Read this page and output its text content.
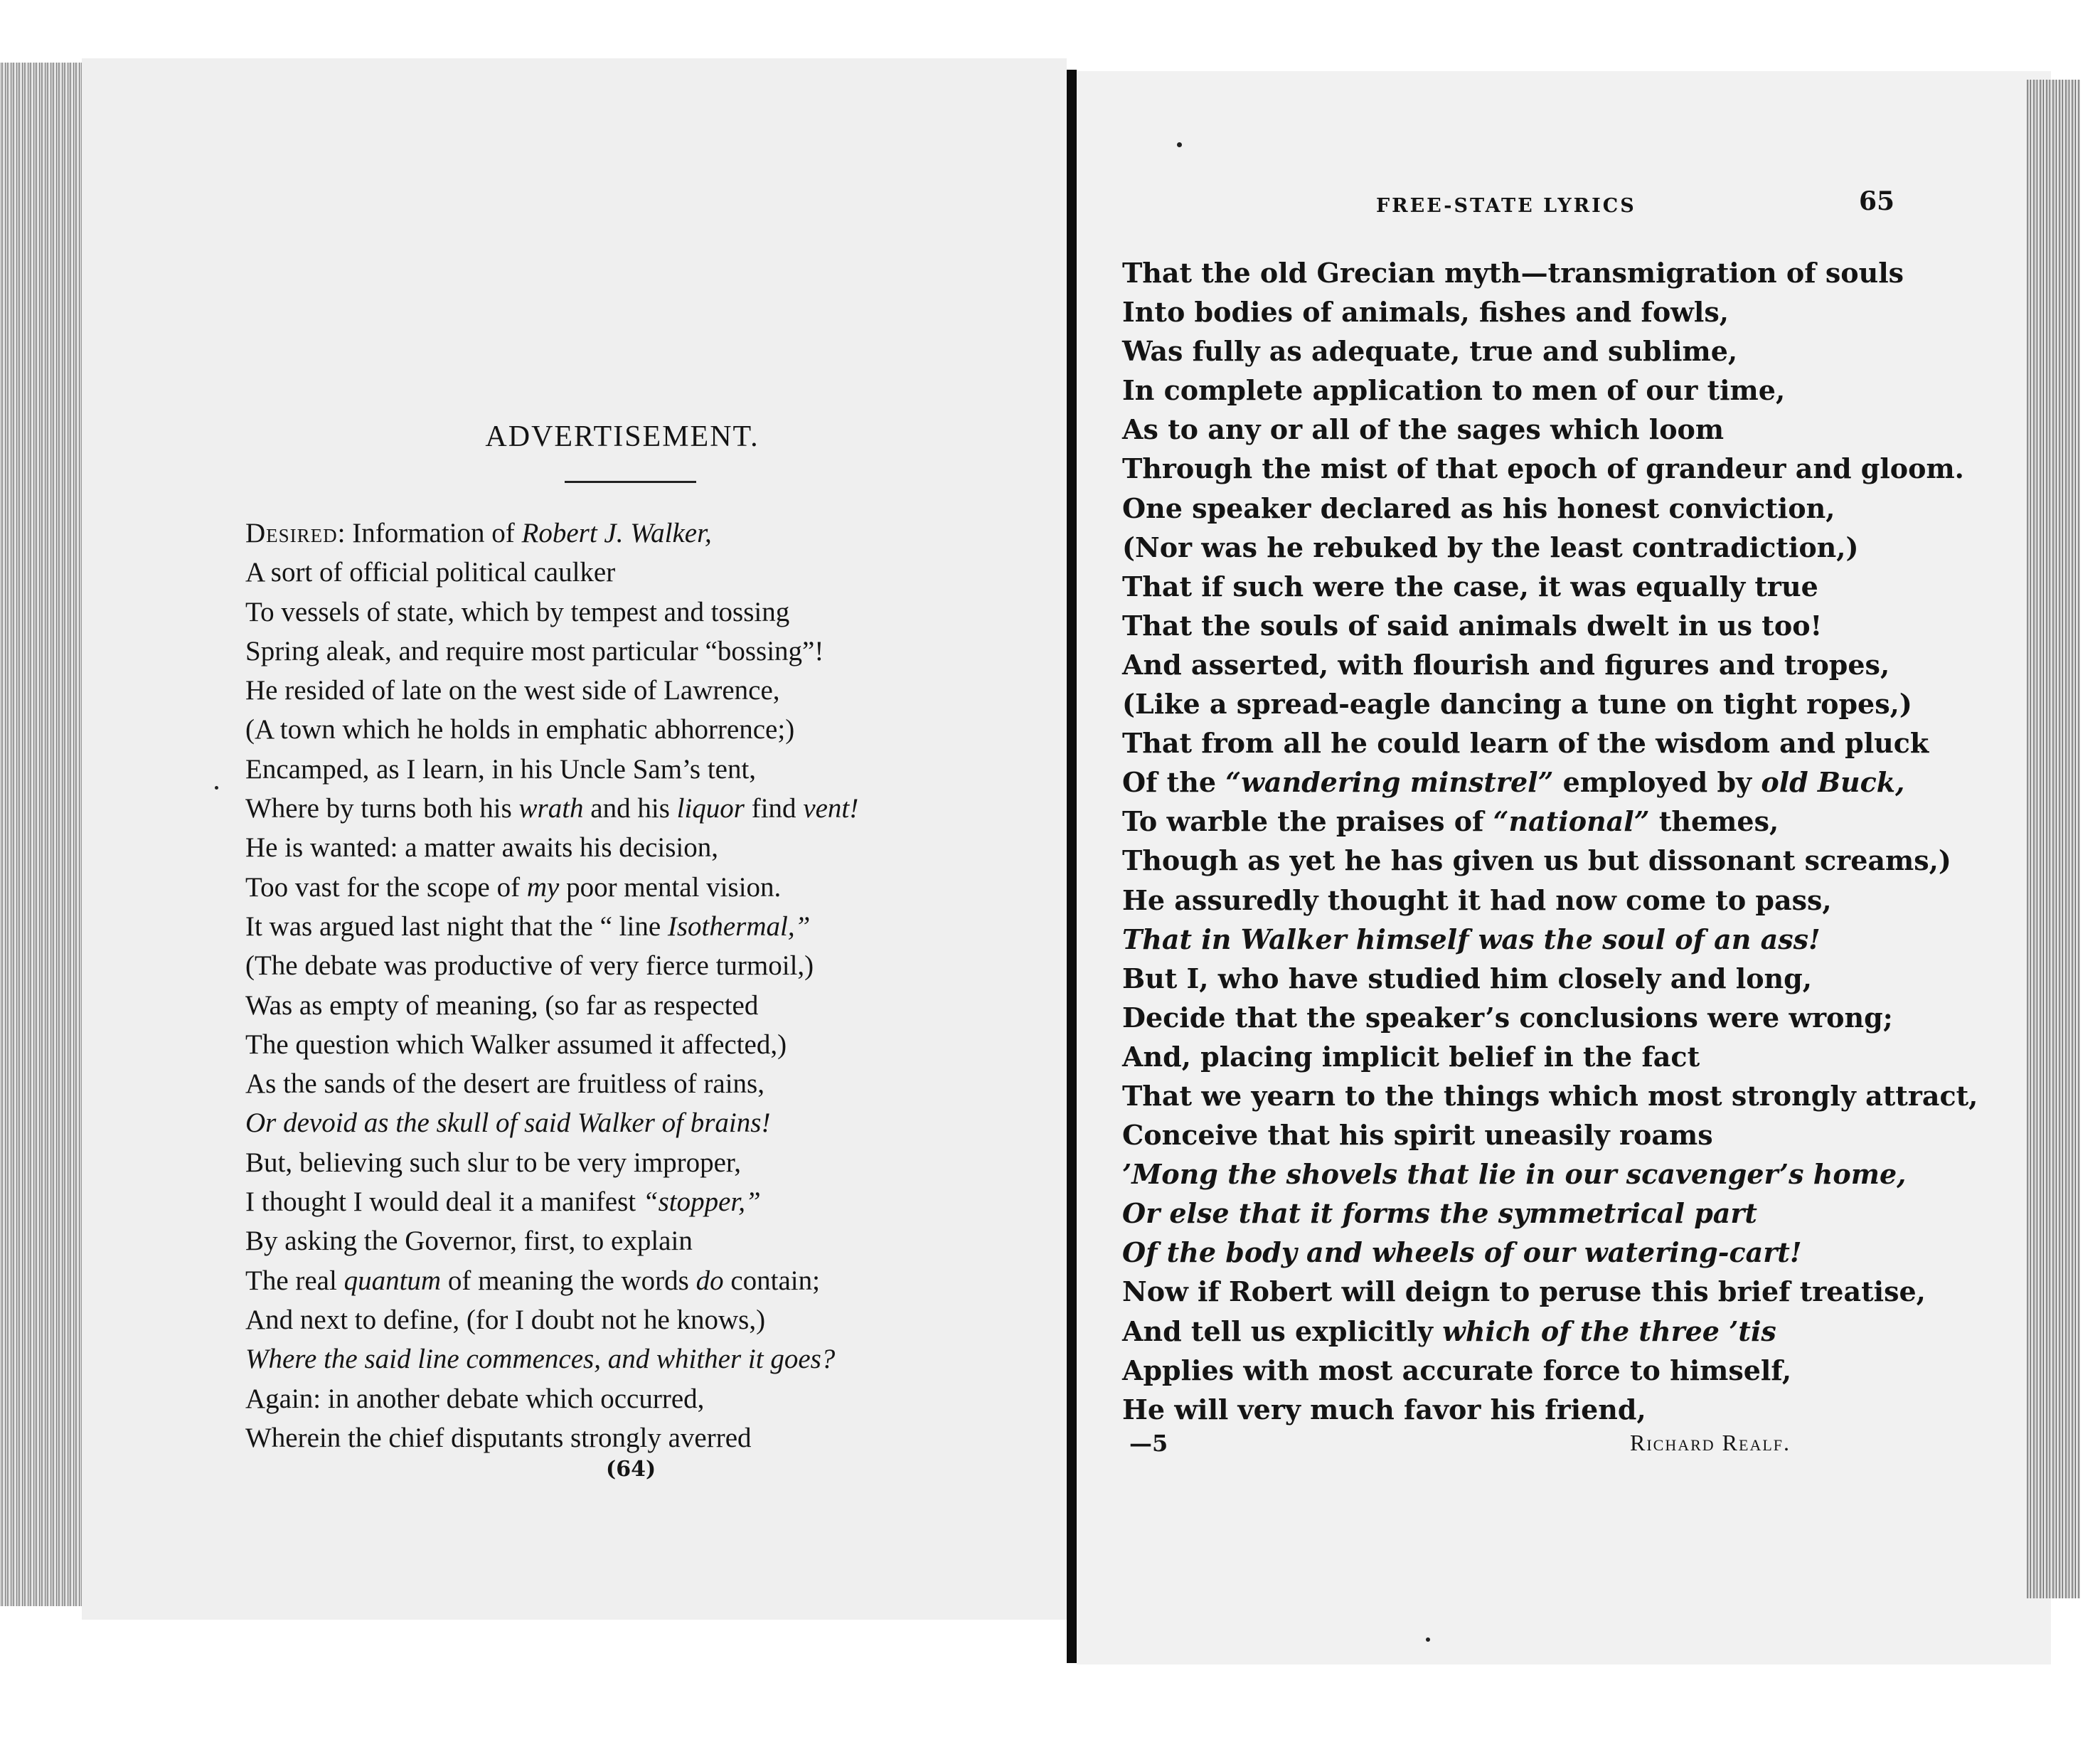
ADVERTISEMENT.
Desired: Information of Robert J. Walker,
A sort of official political caulker
To vessels of state, which by tempest and tossing
Spring aleak, and require most particular “bossing”!
He resided of late on the west side of Lawrence,
(A town which he holds in emphatic abhorrence;)
Encamped, as I learn, in his Uncle Sam’s tent,
Where by turns both his wrath and his liquor find vent!
He is wanted: a matter awaits his decision,
Too vast for the scope of my poor mental vision.
It was argued last night that the “ line Isothermal,”
(The debate was productive of very fierce turmoil,)
Was as empty of meaning, (so far as respected
The question which Walker assumed it affected,)
As the sands of the desert are fruitless of rains,
Or devoid as the skull of said Walker of brains!
But, believing such slur to be very improper,
I thought I would deal it a manifest “stopper,”
By asking the Governor, first, to explain
The real quantum of meaning the words do contain;
And next to define, (for I doubt not he knows,)
Where the said line commences, and whither it goes?
Again: in another debate which occurred,
Wherein the chief disputants strongly averred
(64)
FREE-STATE LYRICS	65
That the old Grecian myth—transmigration of souls
Into bodies of animals, fishes and fowls,
Was fully as adequate, true and sublime,
In complete application to men of our time,
As to any or all of the sages which loom
Through the mist of that epoch of grandeur and gloom.
One speaker declared as his honest conviction,
(Nor was he rebuked by the least contradiction,)
That if such were the case, it was equally true
That the souls of said animals dwelt in us too!
And asserted, with flourish and figures and tropes,
(Like a spread-eagle dancing a tune on tight ropes,)
That from all he could learn of the wisdom and pluck
Of the “wandering minstrel” employed by old Buck,
To warble the praises of “national” themes,
Though as yet he has given us but dissonant screams,)
He assuredly thought it had now come to pass,
That in Walker himself was the soul of an ass!
But I, who have studied him closely and long,
Decide that the speaker’s conclusions were wrong;
And, placing implicit belief in the fact
That we yearn to the things which most strongly attract,
Conceive that his spirit uneasily roams
’Mong the shovels that lie in our scavenger’s home,
Or else that it forms the symmetrical part
Of the body and wheels of our watering-cart!
Now if Robert will deign to peruse this brief treatise,
And tell us explicitly which of the three ’tis
Applies with most accurate force to himself,
He will very much favor his friend,
—5	Richard Realf.
